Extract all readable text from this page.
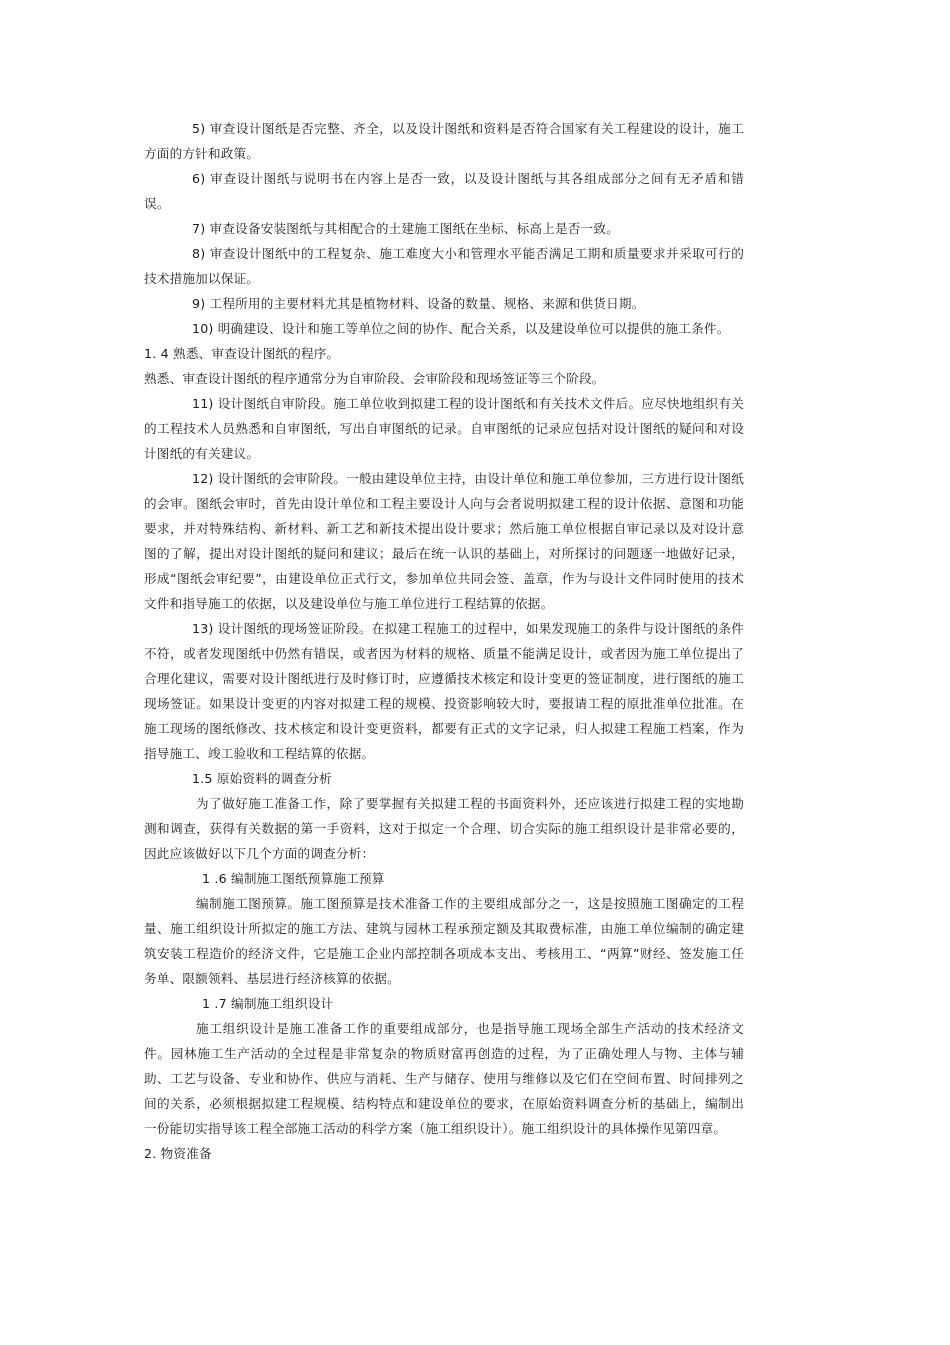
5) 审查设计图纸是否完整、齐全，以及设计图纸和资料是否符合国家有关工程建设的设计，施工方面的方针和政策。

6) 审查设计图纸与说明书在内容上是否一致，以及设计图纸与其各组成部分之间有无矛盾和错误。

7) 审查设备安装图纸与其相配合的土建施工图纸在坐标、标高上是否一致。

8) 审查设计图纸中的工程复杂、施工难度大小和管理水平能否满足工期和质量要求并采取可行的技术措施加以保证。

9) 工程所用的主要材料尤其是植物材料、设备的数量、规格、来源和供货日期。

10) 明确建设、设计和施工等单位之间的协作、配合关系，以及建设单位可以提供的施工条件。

1. 4 熟悉、审查设计图纸的程序。

熟悉、审查设计图纸的程序通常分为自审阶段、会审阶段和现场签证等三个阶段。

11) 设计图纸自审阶段。施工单位收到拟建工程的设计图纸和有关技术文件后。应尽快地组织有关的工程技术人员熟悉和自审图纸，写出自审图纸的记录。自审图纸的记录应包括对设计图纸的疑问和对设计图纸的有关建议。

12) 设计图纸的会审阶段。一般由建设单位主持，由设计单位和施工单位参加，三方进行设计图纸的会审。图纸会审时，首先由设计单位和工程主要设计人向与会者说明拟建工程的设计依据、意图和功能要求，并对特殊结构、新材料、新工艺和新技术提出设计要求；然后施工单位根据自审记录以及对设计意图的了解，提出对设计图纸的疑问和建议；最后在统一认识的基础上，对所探讨的问题逐一地做好记录，形成“图纸会审纪要”，由建设单位正式行文，参加单位共同会签、盖章，作为与设计文件同时使用的技术文件和指导施工的依据，以及建设单位与施工单位进行工程结算的依据。

13) 设计图纸的现场签证阶段。在拟建工程施工的过程中，如果发现施工的条件与设计图纸的条件不符，或者发现图纸中仍然有错误，或者因为材料的规格、质量不能满足设计，或者因为施工单位提出了合理化建议，需要对设计图纸进行及时修订时，应遵循技术核定和设计变更的签证制度，进行图纸的施工现场签证。如果设计变更的内容对拟建工程的规模、投资影响较大时，要报请工程的原批准单位批准。在施工现场的图纸修改、技术核定和设计变更资料，都要有正式的文字记录，归人拟建工程施工档案，作为指导施工、竣工验收和工程结算的依据。

1.5 原始资料的调查分析

为了做好施工准备工作，除了要掌握有关拟建工程的书面资料外，还应该进行拟建工程的实地勘测和调查，获得有关数据的第一手资料，这对于拟定一个合理、切合实际的施工组织设计是非常必要的，因此应该做好以下几个方面的调查分析：

1 .6 编制施工图纸预算施工预算

编制施工图预算。施工图预算是技术准备工作的主要组成部分之一，这是按照施工图确定的工程量、施工组织设计所拟定的施工方法、建筑与园林工程承预定额及其取费标准，由施工单位编制的确定建筑安装工程造价的经济文件，它是施工企业内部控制各项成本支出、考核用工、“两算”财经、签发施工任务单、限额领料、基层进行经济核算的依据。

1 .7 编制施工组织设计

施工组织设计是施工准备工作的重要组成部分，也是指导施工现场全部生产活动的技术经济文件。园林施工生产活动的全过程是非常复杂的物质财富再创造的过程，为了正确处理人与物、主体与辅助、工艺与设备、专业和协作、供应与消耗、生产与储存、使用与维修以及它们在空间布置、时间排列之间的关系，必须根据拟建工程规模、结构特点和建设单位的要求，在原始资料调查分析的基础上，编制出一份能切实指导该工程全部施工活动的科学方案（施工组织设计）。施工组织设计的具体操作见第四章。

2. 物资准备
